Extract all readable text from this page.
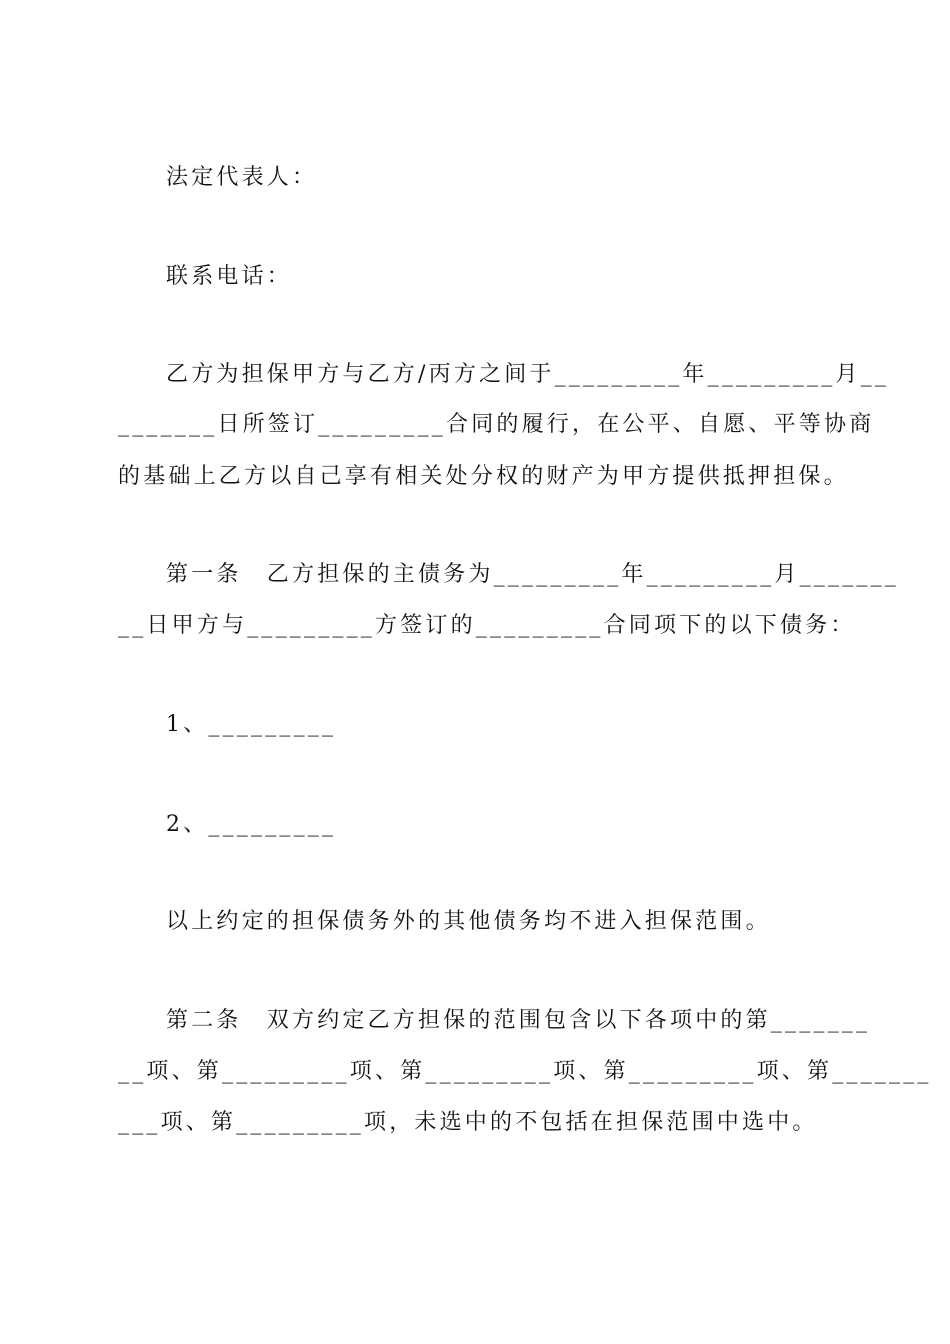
法定代表人：
联系电话：
乙方为担保甲方与乙方/丙方之间于_________年_________月__
_______日所签订_________合同的履行，在公平、自愿、平等协商
的基础上乙方以自己享有相关处分权的财产为甲方提供抵押担保。
第一条　乙方担保的主债务为_________年_________月_______
__日甲方与_________方签订的_________合同项下的以下债务：
1、_________
2、_________
以上约定的担保债务外的其他债务均不进入担保范围。
第二条　双方约定乙方担保的范围包含以下各项中的第_______
__项、第_________项、第_________项、第_________项、第_______
___项、第_________项，未选中的不包括在担保范围中选中。
